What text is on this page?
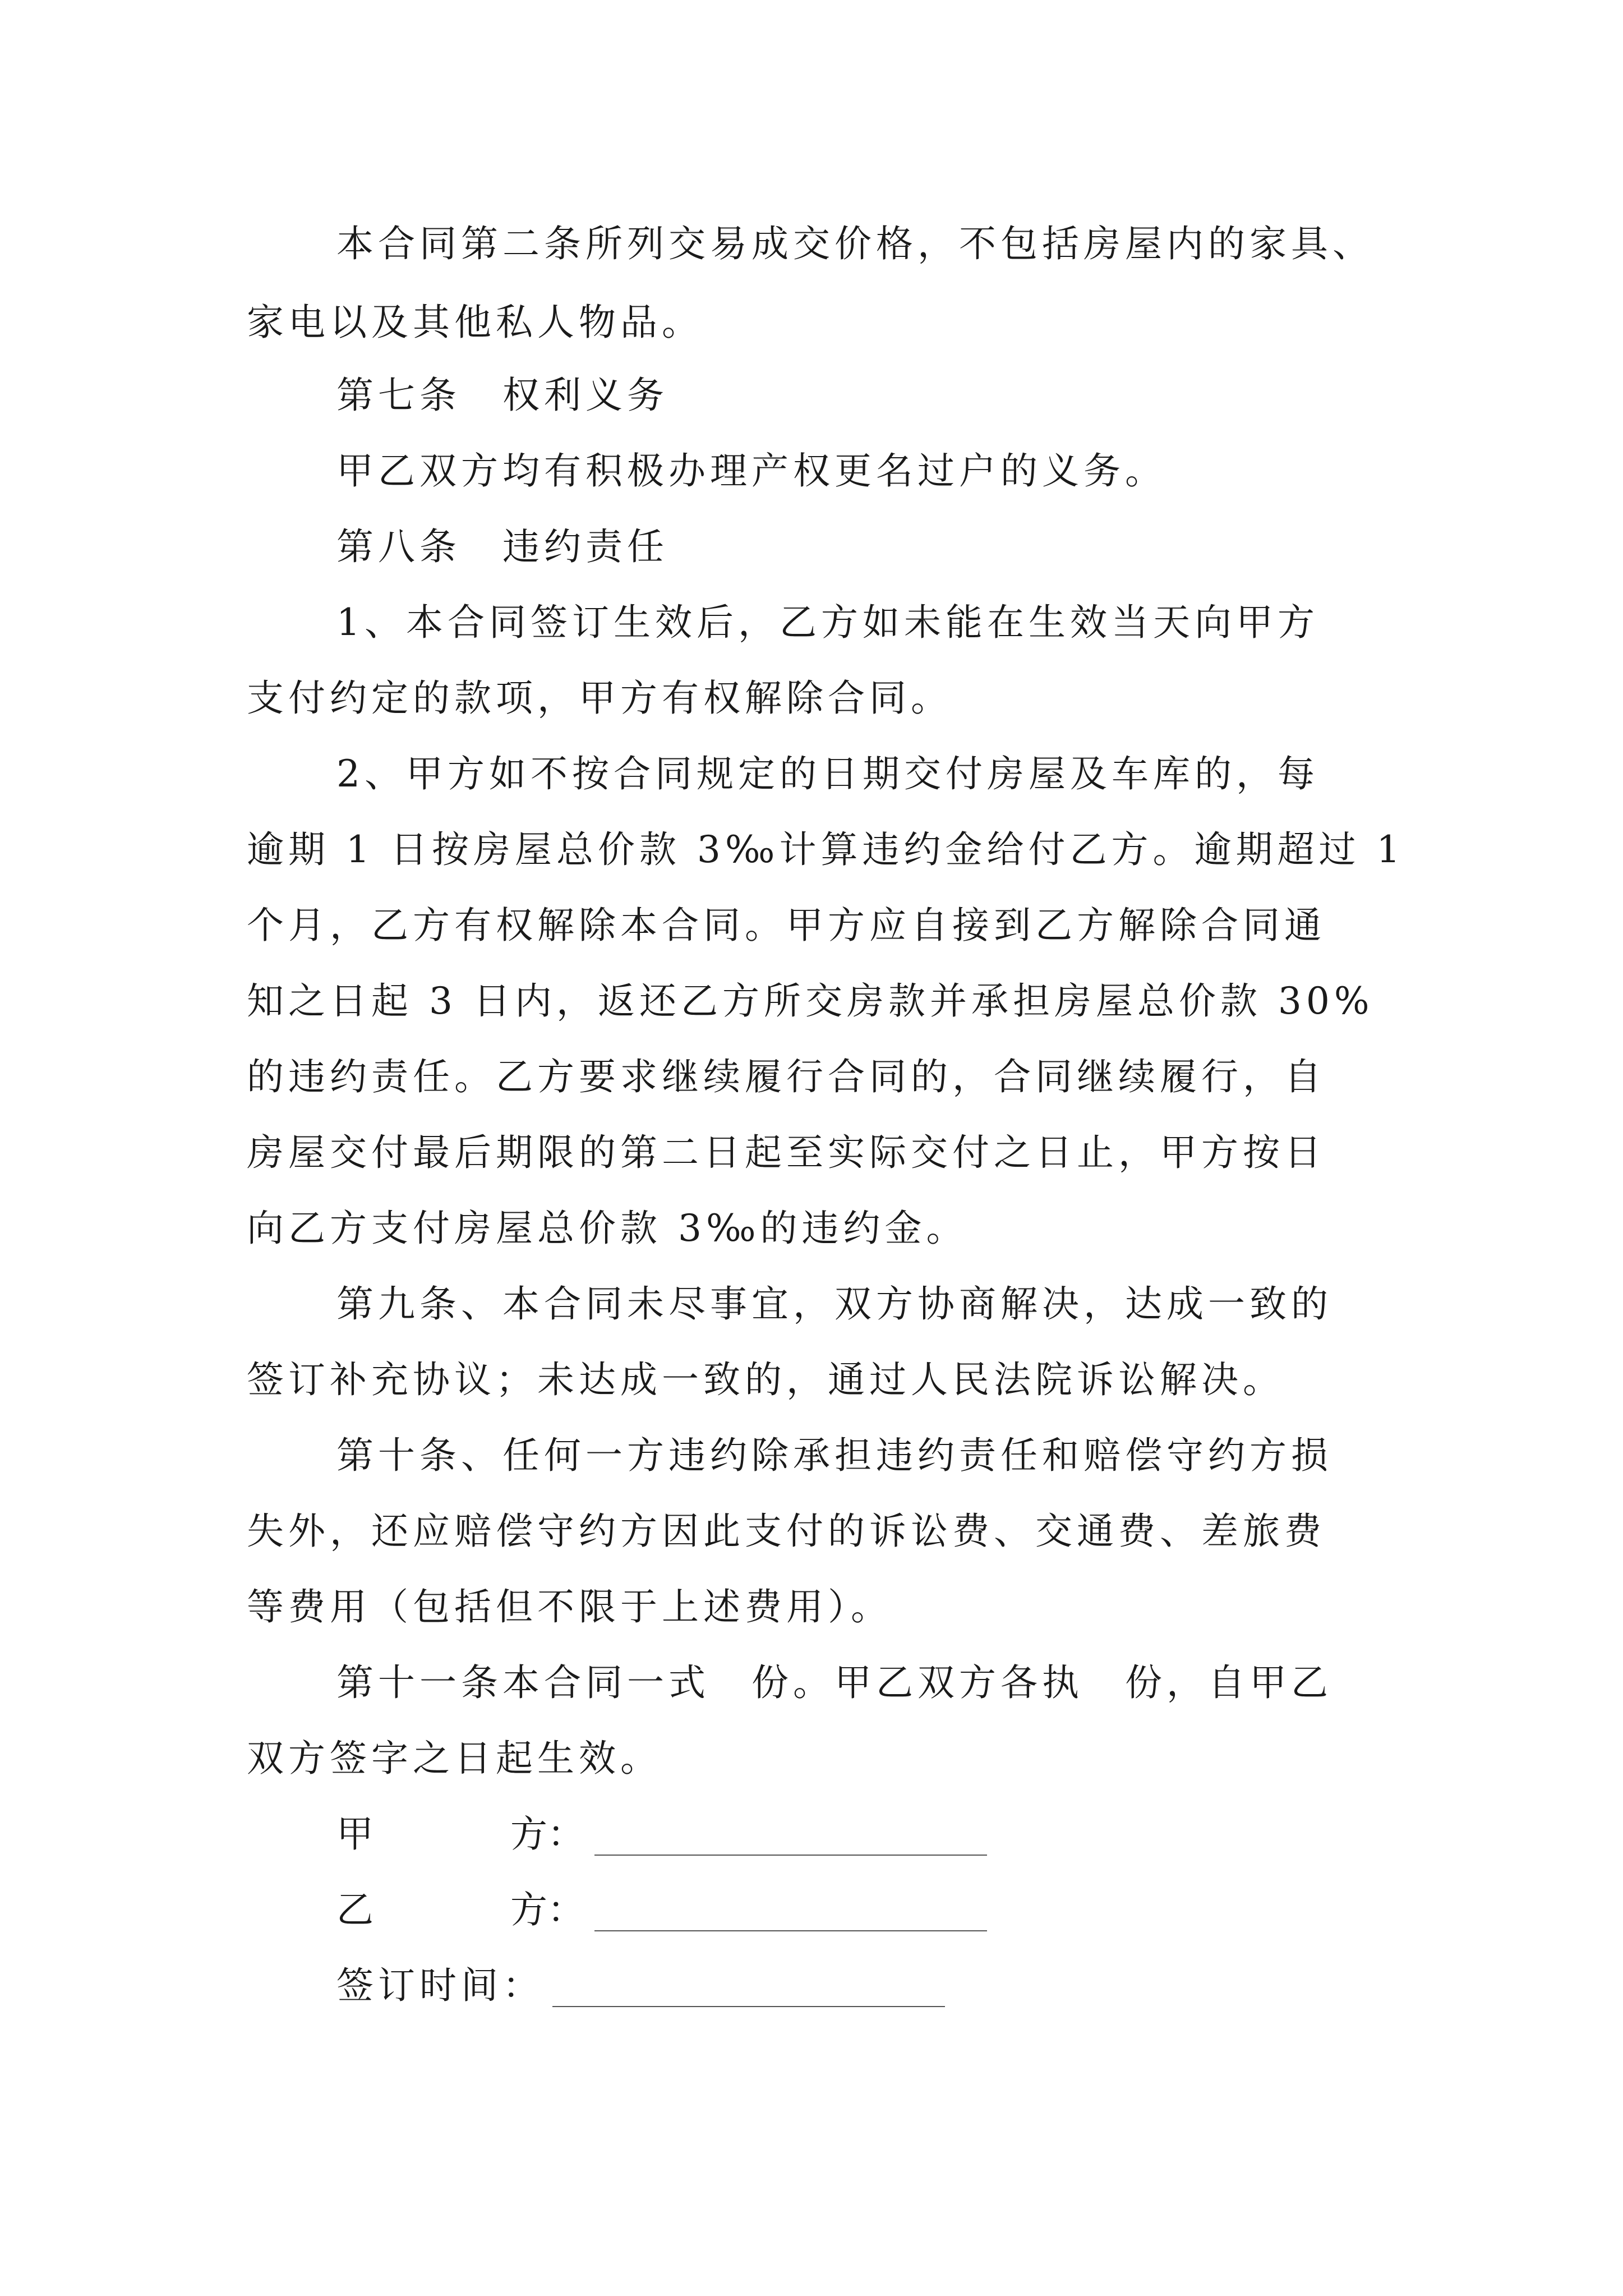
本合同第二条所列交易成交价格，不包括房屋内的家具、
家电以及其他私人物品。
第七条　权利义务
甲乙双方均有积极办理产权更名过户的义务。
第八条　违约责任
1、本合同签订生效后，乙方如未能在生效当天向甲方
支付约定的款项，甲方有权解除合同。
2、甲方如不按合同规定的日期交付房屋及车库的，每
逾期 1 日按房屋总价款 3‰计算违约金给付乙方。逾期超过 1
个月，乙方有权解除本合同。甲方应自接到乙方解除合同通
知之日起 3 日内，返还乙方所交房款并承担房屋总价款 30%
的违约责任。乙方要求继续履行合同的，合同继续履行，自
房屋交付最后期限的第二日起至实际交付之日止，甲方按日
向乙方支付房屋总价款 3‰的违约金。
第九条、本合同未尽事宜，双方协商解决，达成一致的
签订补充协议；未达成一致的，通过人民法院诉讼解决。
第十条、任何一方违约除承担违约责任和赔偿守约方损
失外，还应赔偿守约方因此支付的诉讼费、交通费、差旅费
等费用（包括但不限于上述费用）。
第十一条本合同一式　份。甲乙双方各执　份，自甲乙
双方签字之日起生效。
甲	方：
乙	方：
签订时间：
